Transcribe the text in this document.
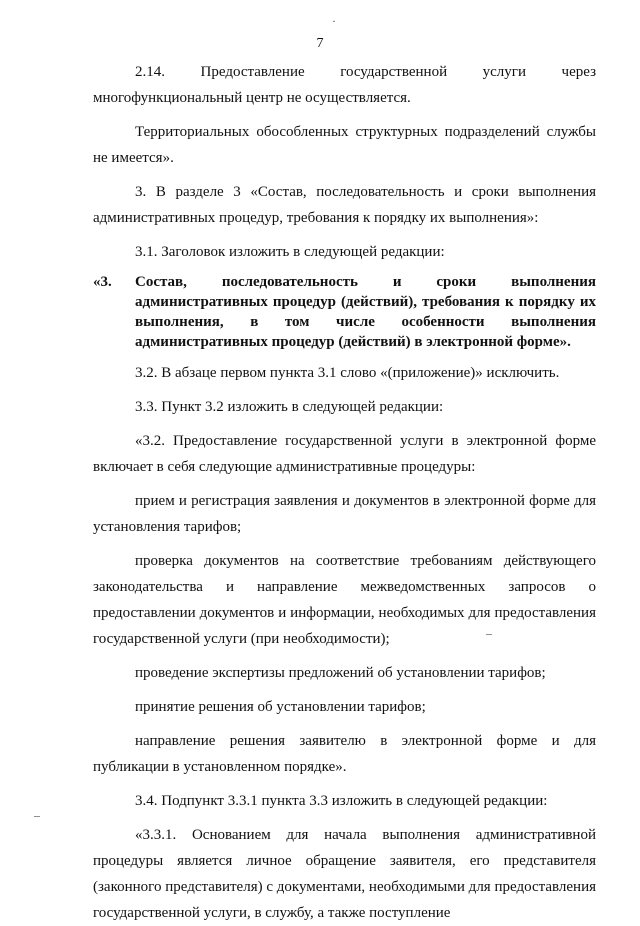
7

2.14. Предоставление государственной услуги через многофункциональный центр не осуществляется.

Территориальных обособленных структурных подразделений службы не имеется».

3. В разделе 3 «Состав, последовательность и сроки выполнения административных процедур, требования к порядку их выполнения»:

3.1. Заголовок изложить в следующей редакции:

«3. Состав, последовательность и сроки выполнения административных процедур (действий), требования к порядку их выполнения, в том числе особенности выполнения административных процедур (действий) в электронной форме».

3.2. В абзаце первом пункта 3.1 слово «(приложение)» исключить.

3.3. Пункт 3.2 изложить в следующей редакции:

«3.2. Предоставление государственной услуги в электронной форме включает в себя следующие административные процедуры:

прием и регистрация заявления и документов в электронной форме для установления тарифов;

проверка документов на соответствие требованиям действующего законодательства и направление межведомственных запросов о предоставлении документов и информации, необходимых для предоставления государственной услуги (при необходимости);

проведение экспертизы предложений об установлении тарифов;

принятие решения об установлении тарифов;

направление решения заявителю в электронной форме и для публикации в установленном порядке».

3.4. Подпункт 3.3.1 пункта 3.3 изложить в следующей редакции:

«3.3.1. Основанием для начала выполнения административной процедуры является личное обращение заявителя, его представителя (законного представителя) с документами, необходимыми для предоставления государственной услуги, в службу, а также поступление

·
–
–
